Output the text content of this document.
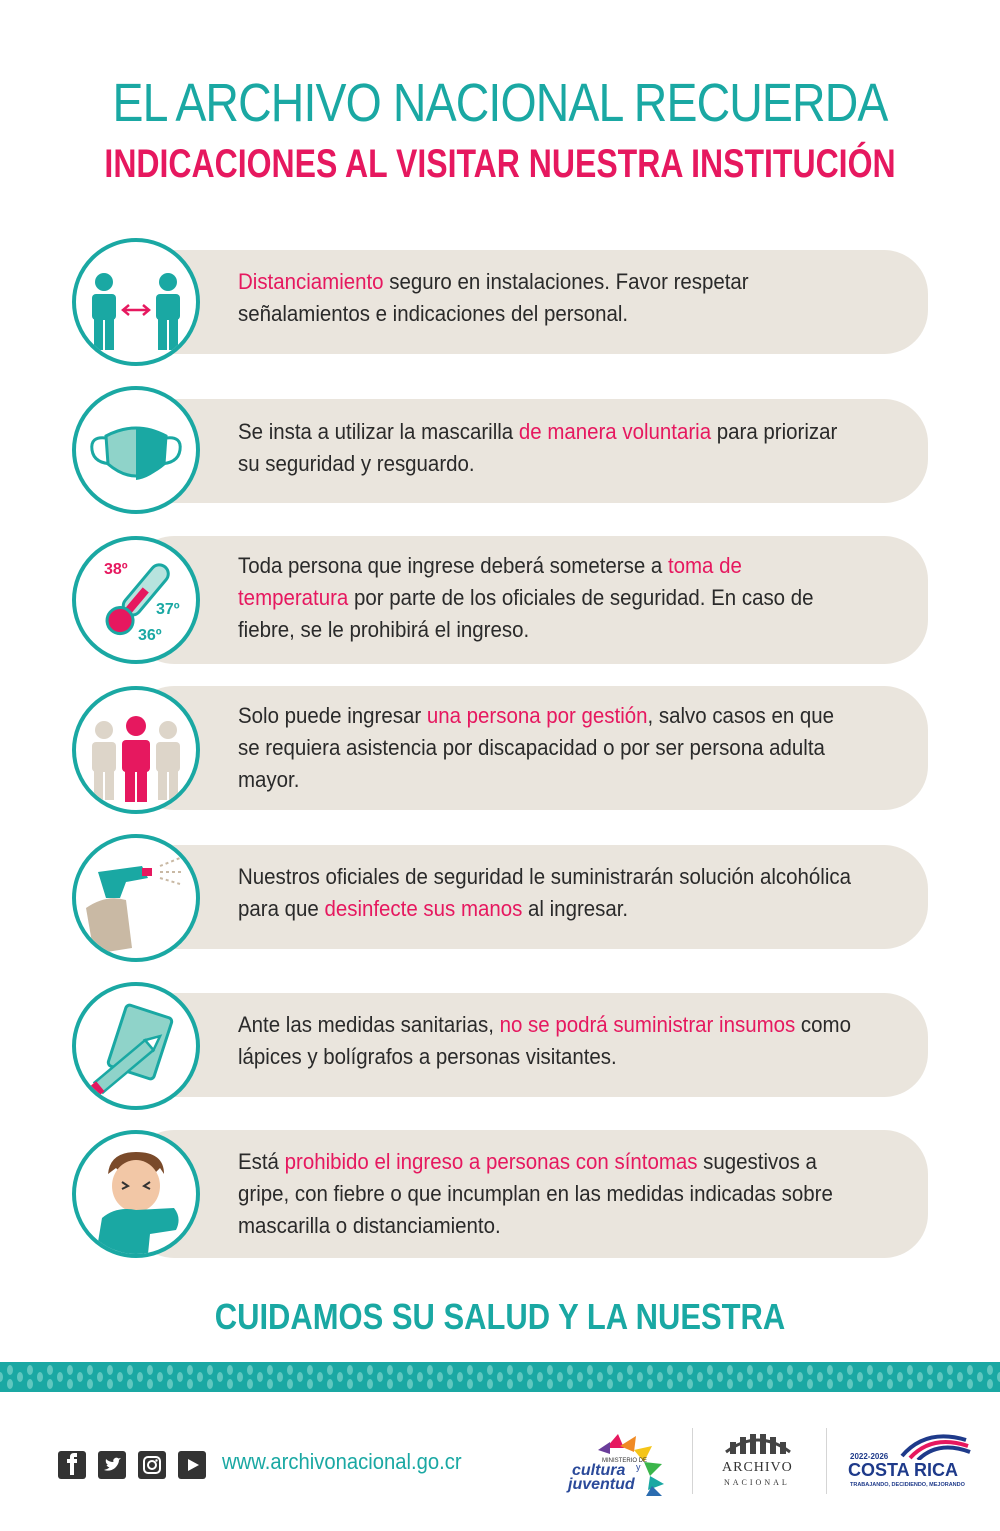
EL ARCHIVO NACIONAL RECUERDA
INDICACIONES AL VISITAR NUESTRA INSTITUCIÓN
Distanciamiento seguro en instalaciones. Favor respetar señalamientos e indicaciones del personal.
Se insta a utilizar la mascarilla de manera voluntaria para priorizar su seguridad y resguardo.
Toda persona que ingrese deberá someterse a toma de temperatura por parte de los oficiales de seguridad. En caso de fiebre, se le prohibirá el ingreso.
38º
37º
36º
Solo puede ingresar una persona por gestión, salvo casos en que se requiera asistencia por discapacidad o por ser persona adulta mayor.
Nuestros oficiales de seguridad le suministrarán solución alcohólica para que desinfecte sus manos al ingresar.
Ante las medidas sanitarias, no se podrá suministrar insumos como lápices y bolígrafos a personas visitantes.
Está prohibido el ingreso a personas con síntomas sugestivos a gripe, con fiebre o que incumplan en las medidas indicadas sobre mascarilla o distanciamiento.

CUIDAMOS SU SALUD Y LA NUESTRA

www.archivonacional.go.cr	MINISTERIO DE
cultura y
juventud
ARCHIVO
NACIONAL
2022-2026
COSTA RICA
TRABAJANDO, DECIDIENDO, MEJORANDO
